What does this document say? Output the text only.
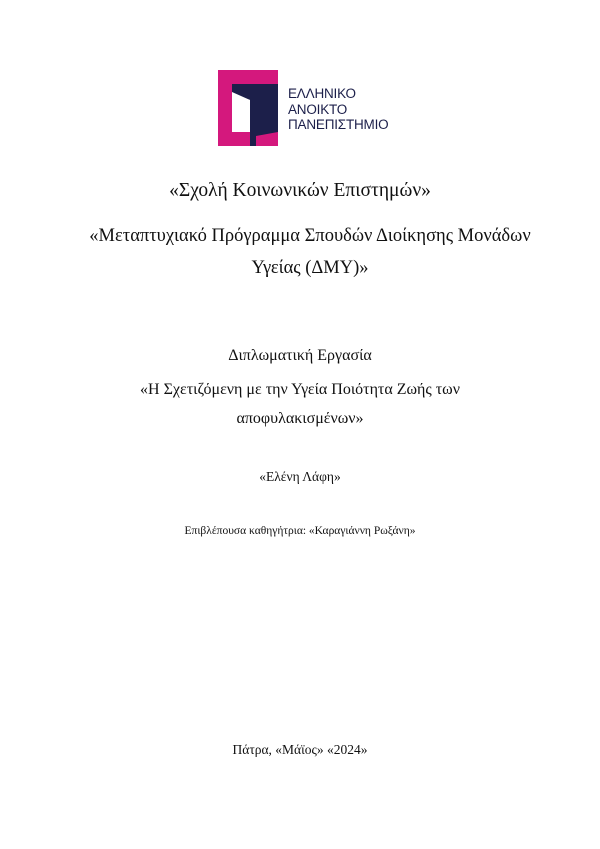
ΕΛΛΗΝΙΚΟ
ΑΝΟΙΚΤΟ
ΠΑΝΕΠΙΣΤΗΜΙΟ
«Σχολή Κοινωνικών Επιστημών»
«Μεταπτυχιακό Πρόγραμμα Σπουδών Διοίκησης Μονάδων
Υγείας (ΔΜΥ)»
Διπλωματική Εργασία
«Η Σχετιζόμενη με την Υγεία Ποιότητα Ζωής των
αποφυλακισμένων»
«Ελένη Λάφη»
Επιβλέπουσα καθηγήτρια: «Καραγιάννη Ρωξάνη»
Πάτρα, «Μάϊος» «2024»
